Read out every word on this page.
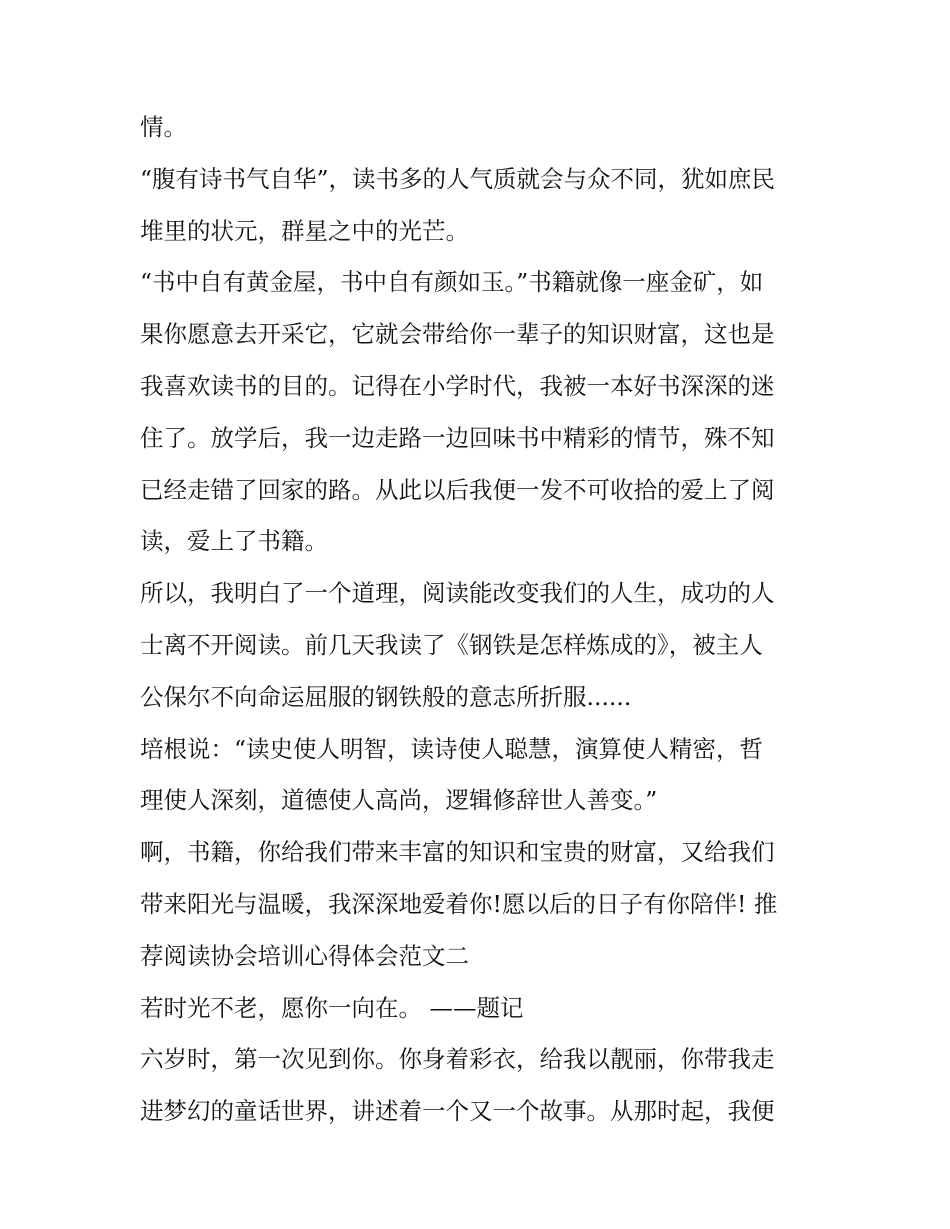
情。
“腹有诗书气自华”，读书多的人气质就会与众不同，犹如庶民
堆里的状元，群星之中的光芒。
“书中自有黄金屋，书中自有颜如玉。”书籍就像一座金矿，如
果你愿意去开采它，它就会带给你一辈子的知识财富，这也是
我喜欢读书的目的。记得在小学时代，我被一本好书深深的迷
住了。放学后，我一边走路一边回味书中精彩的情节，殊不知
已经走错了回家的路。从此以后我便一发不可收拾的爱上了阅
读，爱上了书籍。
所以，我明白了一个道理，阅读能改变我们的人生，成功的人
士离不开阅读。前几天我读了《钢铁是怎样炼成的》，被主人
公保尔不向命运屈服的钢铁般的意志所折服......
培根说：“读史使人明智，读诗使人聪慧，演算使人精密，哲
理使人深刻，道德使人高尚，逻辑修辞世人善变。”
啊，书籍，你给我们带来丰富的知识和宝贵的财富，又给我们
带来阳光与温暖，我深深地爱着你!愿以后的日子有你陪伴! 推
荐阅读协会培训心得体会范文二
若时光不老，愿你一向在。 ——题记
六岁时，第一次见到你。你身着彩衣，给我以靓丽，你带我走
进梦幻的童话世界，讲述着一个又一个故事。从那时起，我便
